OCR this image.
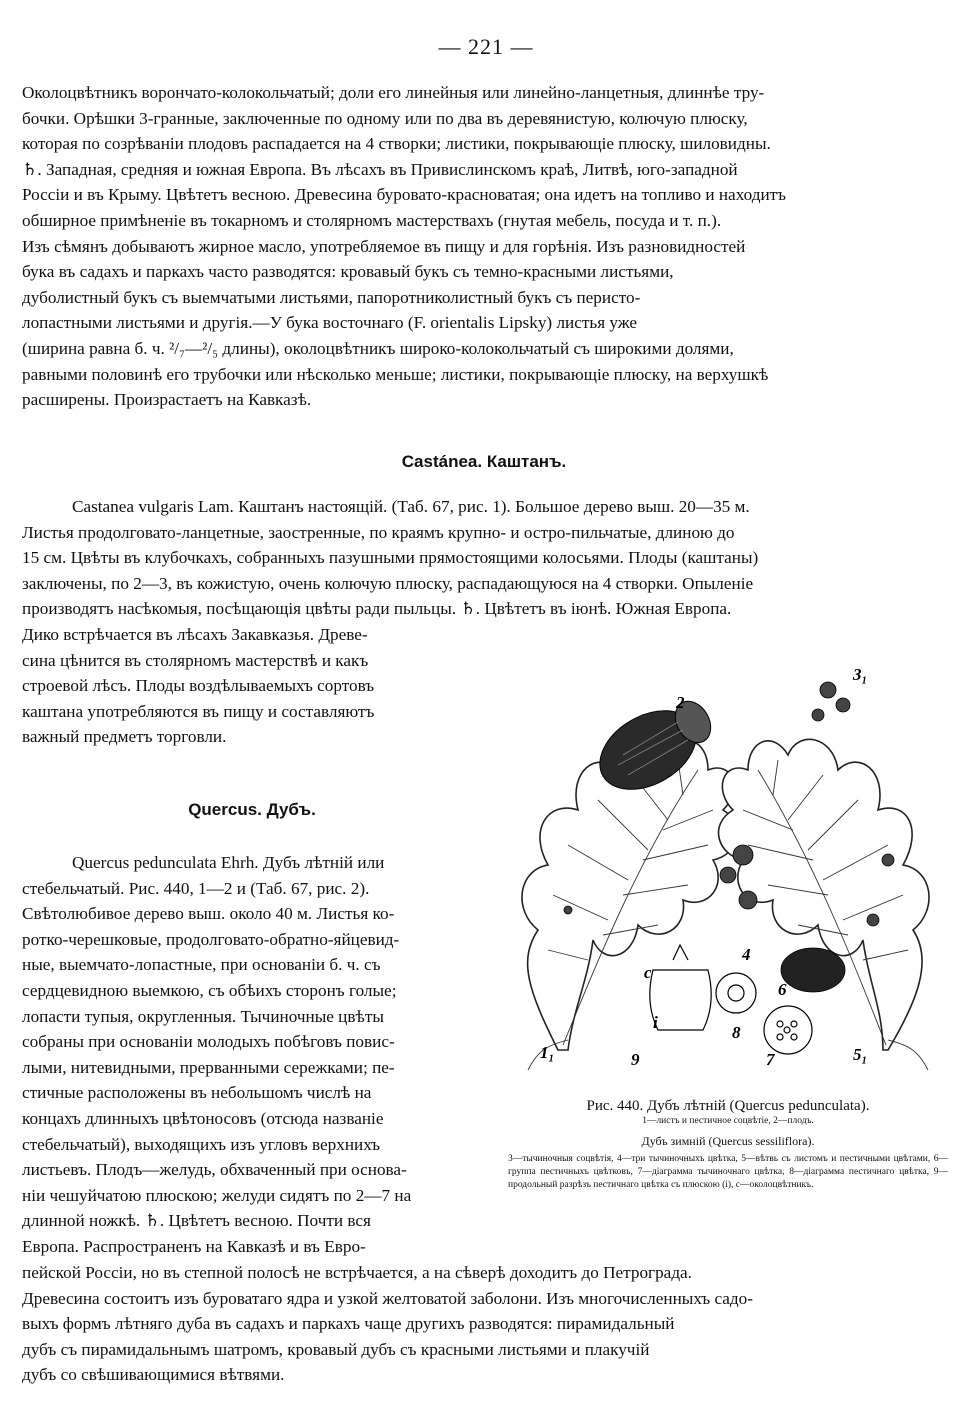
— 221 —
Околоцвѣтникъ ворончато-колокольчатый; доли его линейныя или линейно-ланцетныя, длиннѣе тру-
бочки. Орѣшки 3-гранные, заключенные по одному или по два въ деревянистую, колючую плюску,
которая по созрѣваніи плодовъ распадается на 4 створки; листики, покрывающіе плюску, шиловидны.
♄. Западная, средняя и южная Европа. Въ лѣсахъ въ Привислинскомъ краѣ, Литвѣ, юго-западной
Россіи и въ Крыму. Цвѣтетъ весною. Древесина буровато-красноватая; она идетъ на топливо и находитъ
обширное примѣненіе въ токарномъ и столярномъ мастерствахъ (гнутая мебель, посуда и т. п.).
Изъ сѣмянъ добываютъ жирное масло, употребляемое въ пищу и для горѣнія. Изъ разновидностей
бука въ садахъ и паркахъ часто разводятся: кровавый букъ съ темно-красными листьями,
дуболистный букъ съ выемчатыми листьями, папоротниколистный букъ съ перисто-
лопастными листьями и другія.—У бука восточнаго (F. orientalis Lipsky) листья уже
(ширина равна б. ч. ²/₇—²/₅ длины), околоцвѣтникъ широко-колокольчатый съ широкими долями,
равными половинѣ его трубочки или нѣсколько меньше; листики, покрывающіе плюску, на верхушкѣ
расширены. Произрастаетъ на Кавказѣ.
Castánea. Каштанъ.
Castanea vulgaris Lam. Каштанъ настоящій. (Таб. 67, рис. 1). Большое дерево выш. 20—35 м.
Листья продолговато-ланцетные, заостренные, по краямъ крупно- и остро-пильчатые, длиною до
15 см. Цвѣты въ клубочкахъ, собранныхъ пазушными прямостоящими колосьями. Плоды (каштаны)
заключены, по 2—3, въ кожистую, очень колючую плюску, распадающуюся на 4 створки. Опыленіе
производятъ насѣкомыя, посѣщающія цвѣты ради пыльцы. ♄. Цвѣтетъ въ іюнѣ. Южная Европа.
Дико встрѣчается въ лѣсахъ Закавказья. Древе-
сина цѣнится въ столярномъ мастерствѣ и какъ
строевой лѣсъ. Плоды воздѣлываемыхъ сортовъ
каштана употребляются въ пищу и составляютъ
важный предметъ торговли.
Quercus. Дубъ.
Quercus pedunculata Ehrh. Дубъ лѣтній или
стебельчатый. Рис. 440, 1—2 и (Таб. 67, рис. 2).
Свѣтолюбивое дерево выш. около 40 м. Листья ко-
ротко-черешковые, продолговато-обратно-яйцевид-
ные, выемчато-лопастные, при основаніи б. ч. съ
сердцевидною выемкою, съ обѣихъ сторонъ голые;
лопасти тупыя, округленныя. Тычиночные цвѣты
собраны при основаніи молодыхъ побѣговъ повис-
лыми, нитевидными, прерванными сережками; пе-
стичные расположены въ небольшомъ числѣ на
концахъ длинныхъ цвѣтоносовъ (отсюда названіе
стебельчатый), выходящихъ изъ угловъ верхнихъ
листьевъ. Плодъ—желудь, обхваченный при основа-
ніи чешуйчатою плюскою; желуди сидятъ по 2—7 на
длинной ножкѣ. ♄. Цвѣтетъ весною. Почти вся
Европа. Распространенъ на Кавказѣ и въ Евро-
пейской Россіи, но въ степной полосѣ не встрѣчается, а на сѣверѣ доходитъ до Петрограда.
Древесина состоитъ изъ буроватаго ядра и узкой желтоватой заболони. Изъ многочисленныхъ садо-
выхъ формъ лѣтняго дуба въ садахъ и паркахъ чаще другихъ разводятся: пирамидальный
дубъ съ пирамидальнымъ шатромъ, кровавый дубъ съ красными листьями и плакучій
дубъ со свѣшивающимися вѣтвями.
1₁
2
3₁
4
5₁
6
7
8
9
c
i
Рис. 440. Дубъ лѣтній (Quercus pedunculata).
1—листъ и пестичное соцвѣтіе, 2—плодъ.
Дубъ зимній (Quercus sessiliflora).
3—тычиночныя соцвѣтія, 4—три тычиночныхъ цвѣтка, 5—вѣтвь съ листомъ и пестичными цвѣтами, 6—группа пестичныхъ цвѣтковъ, 7—діаграмма тычиночнаго цвѣтка, 8—діаграмма пестичнаго цвѣтка, 9—продольный разрѣзъ пестичнаго цвѣтка съ плюскою (i), c—околоцвѣтникъ.
